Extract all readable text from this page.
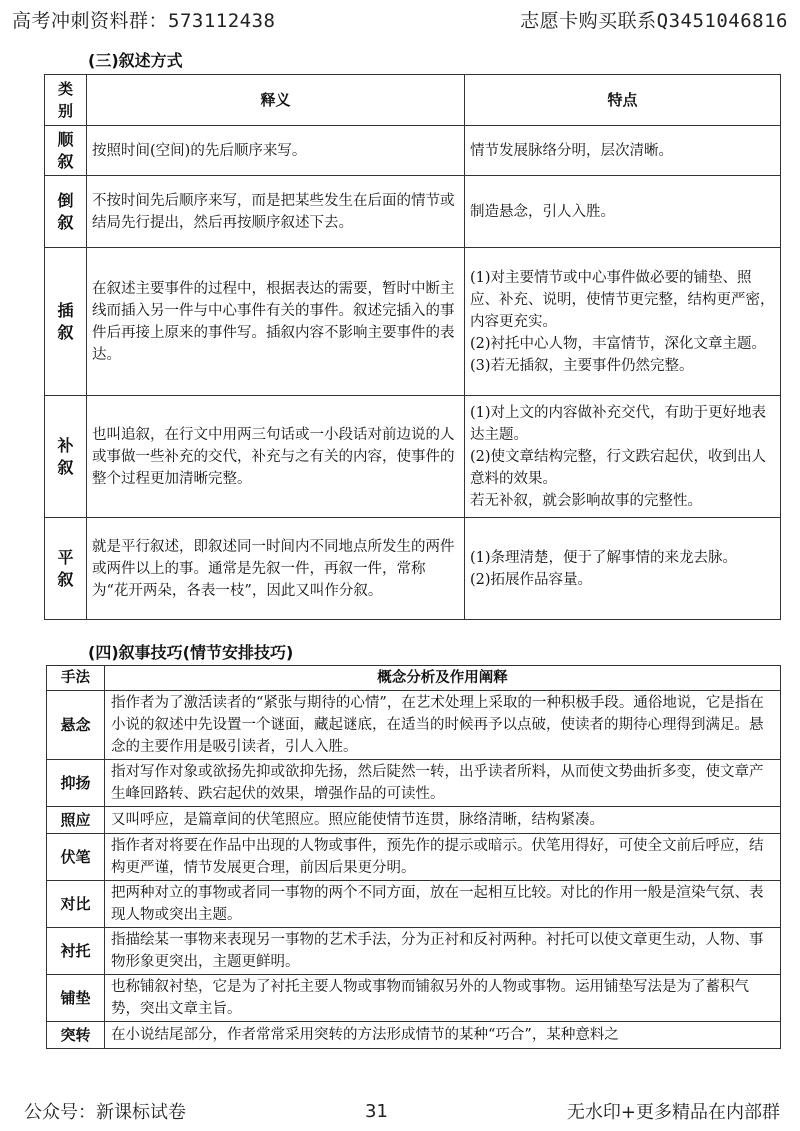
高考冲刺资料群：573112438	志愿卡购买联系Q3451046816
(三)叙述方式
类别	释义	特点

顺叙	按照时间(空间)的先后顺序来写。	情节发展脉络分明，层次清晰。

倒叙	不按时间先后顺序来写，而是把某些发生在后面的情节或结局先行提出，然后再按顺序叙述下去。	制造悬念，引人入胜。

插叙	在叙述主要事件的过程中，根据表达的需要，暂时中断主线而插入另一件与中心事件有关的事件。叙述完插入的事件后再接上原来的事件写。插叙内容不影响主要事件的表达。	(1)对主要情节或中心事件做必要的铺垫、照应、补充、说明，使情节更完整，结构更严密，内容更充实。
(2)衬托中心人物，丰富情节，深化文章主题。
(3)若无插叙，主要事件仍然完整。

补叙	也叫追叙，在行文中用两三句话或一小段话对前边说的人或事做一些补充的交代，补充与之有关的内容，使事件的整个过程更加清晰完整。	(1)对上文的内容做补充交代，有助于更好地表达主题。
(2)使文章结构完整，行文跌宕起伏，收到出人意料的效果。
若无补叙，就会影响故事的完整性。

平叙	就是平行叙述，即叙述同一时间内不同地点所发生的两件或两件以上的事。通常是先叙一件，再叙一件，常称为“花开两朵，各表一枝”，因此又叫作分叙。	(1)条理清楚，便于了解事情的来龙去脉。
(2)拓展作品容量。
(四)叙事技巧(情节安排技巧)
手法	概念分析及作用阐释
悬念	指作者为了激活读者的“紧张与期待的心情”，在艺术处理上采取的一种积极手段。通俗地说，它是指在小说的叙述中先设置一个谜面，藏起谜底，在适当的时候再予以点破，使读者的期待心理得到满足。悬念的主要作用是吸引读者，引人入胜。
抑扬	指对写作对象或欲扬先抑或欲抑先扬，然后陡然一转，出乎读者所料，从而使文势曲折多变，使文章产生峰回路转、跌宕起伏的效果，增强作品的可读性。
照应	又叫呼应，是篇章间的伏笔照应。照应能使情节连贯，脉络清晰，结构紧凑。
伏笔	指作者对将要在作品中出现的人物或事件，预先作的提示或暗示。伏笔用得好，可使全文前后呼应，结构更严谨，情节发展更合理，前因后果更分明。
对比	把两种对立的事物或者同一事物的两个不同方面，放在一起相互比较。对比的作用一般是渲染气氛、表现人物或突出主题。
衬托	指描绘某一事物来表现另一事物的艺术手法，分为正衬和反衬两种。衬托可以使文章更生动，人物、事物形象更突出，主题更鲜明。
铺垫	也称铺叙衬垫，它是为了衬托主要人物或事物而铺叙另外的人物或事物。运用铺垫写法是为了蓄积气势，突出文章主旨。
突转	在小说结尾部分，作者常常采用突转的方法形成情节的某种“巧合”，某种意料之
公众号：新课标试卷	31	无水印+更多精品在内部群
